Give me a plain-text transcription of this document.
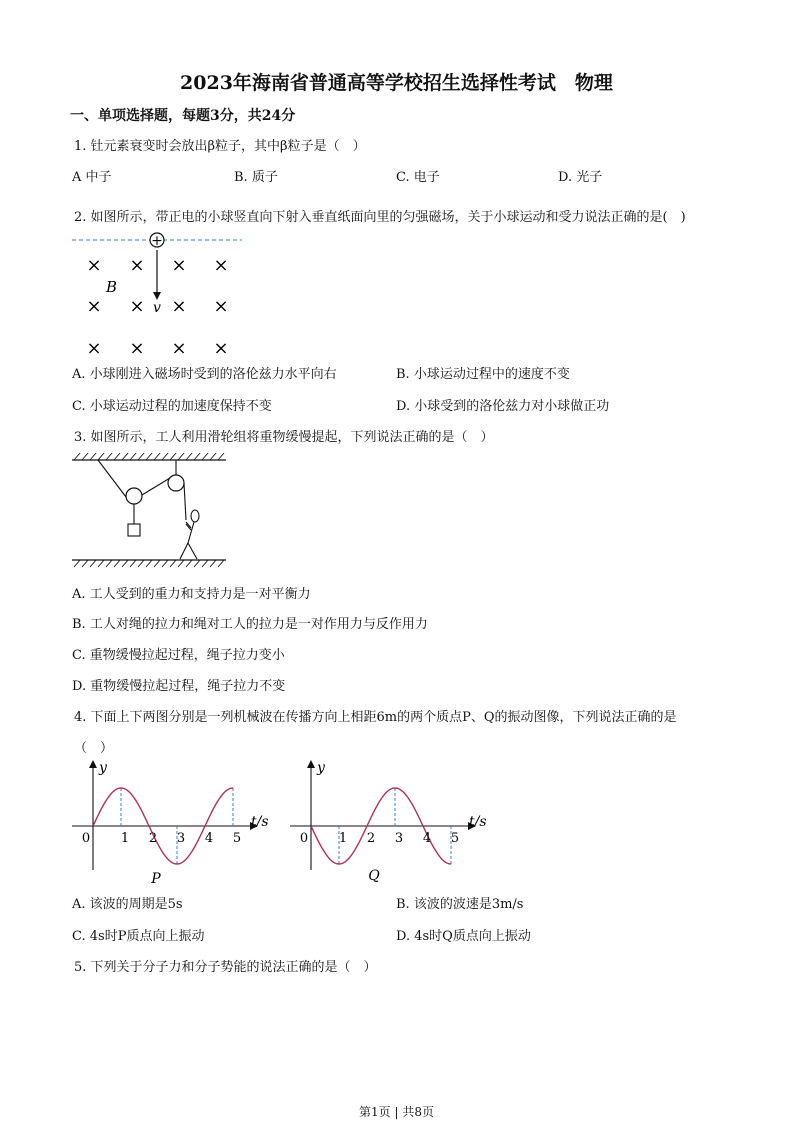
2023年海南省普通高等学校招生选择性考试　物理
一、单项选择题，每题3分，共24分
1. 钍元素衰变时会放出β粒子，其中β粒子是（　）
A 中子	B. 质子	C. 电子	D. 光子
2. 如图所示，带正电的小球竖直向下射入垂直纸面向里的匀强磁场，关于小球运动和受力说法正确的是(　)
+
× × × ×
× × × ×
× × × ×
B
v
A. 小球刚进入磁场时受到的洛伦兹力水平向右	B. 小球运动过程中的速度不变
C. 小球运动过程的加速度保持不变	D. 小球受到的洛伦兹力对小球做正功
3. 如图所示，工人利用滑轮组将重物缓慢提起，下列说法正确的是（　）
A. 工人受到的重力和支持力是一对平衡力
B. 工人对绳的拉力和绳对工人的拉力是一对作用力与反作用力
C. 重物缓慢拉起过程，绳子拉力变小
D. 重物缓慢拉起过程，绳子拉力不变
4. 下面上下两图分别是一列机械波在传播方向上相距6m的两个质点P、Q的振动图像，下列说法正确的是
（　）
y
t/s
0 1 2 3 4 5
P
y
t/s
0 1 2 3 4 5
Q
A. 该波的周期是5s	B. 该波的波速是3m/s
C. 4s时P质点向上振动	D. 4s时Q质点向上振动
5. 下列关于分子力和分子势能的说法正确的是（　）
第1页 | 共8页
